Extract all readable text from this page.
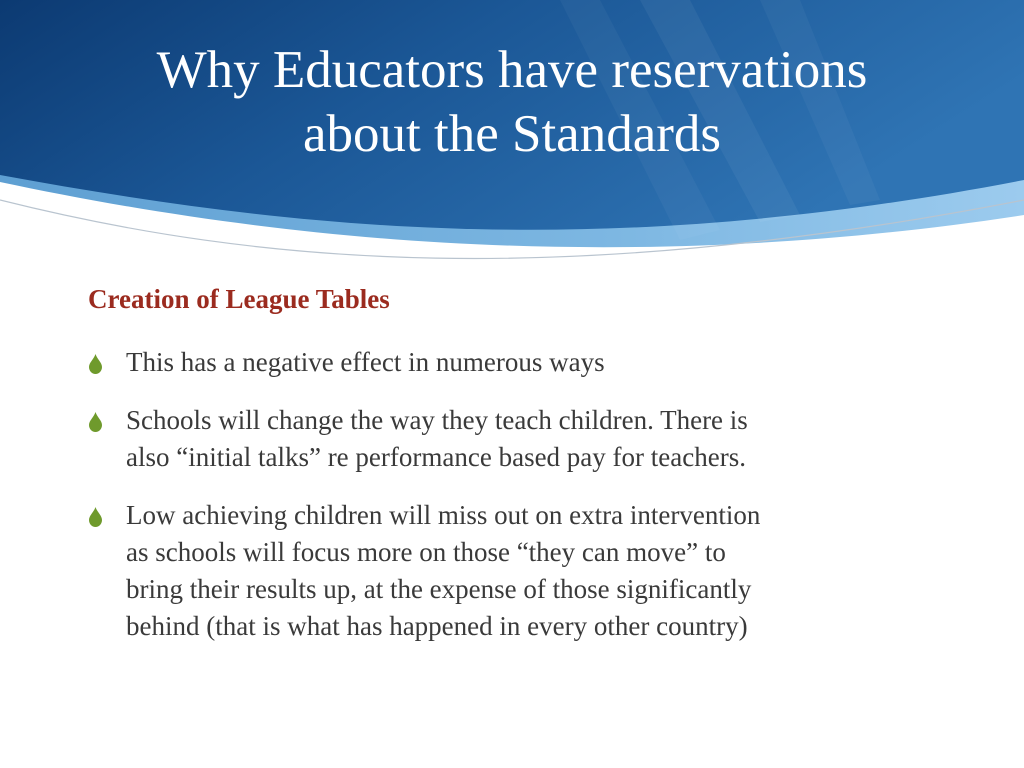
Why Educators have reservations
about the Standards
Creation of League Tables
This has a negative effect in numerous ways
Schools will change the way they teach children. There is
also “initial talks” re performance based pay for teachers.
Low achieving children will miss out on extra intervention
as schools will focus more on those “they can move” to
bring their results up, at the expense of those significantly
behind (that is what has happened in every other country)
